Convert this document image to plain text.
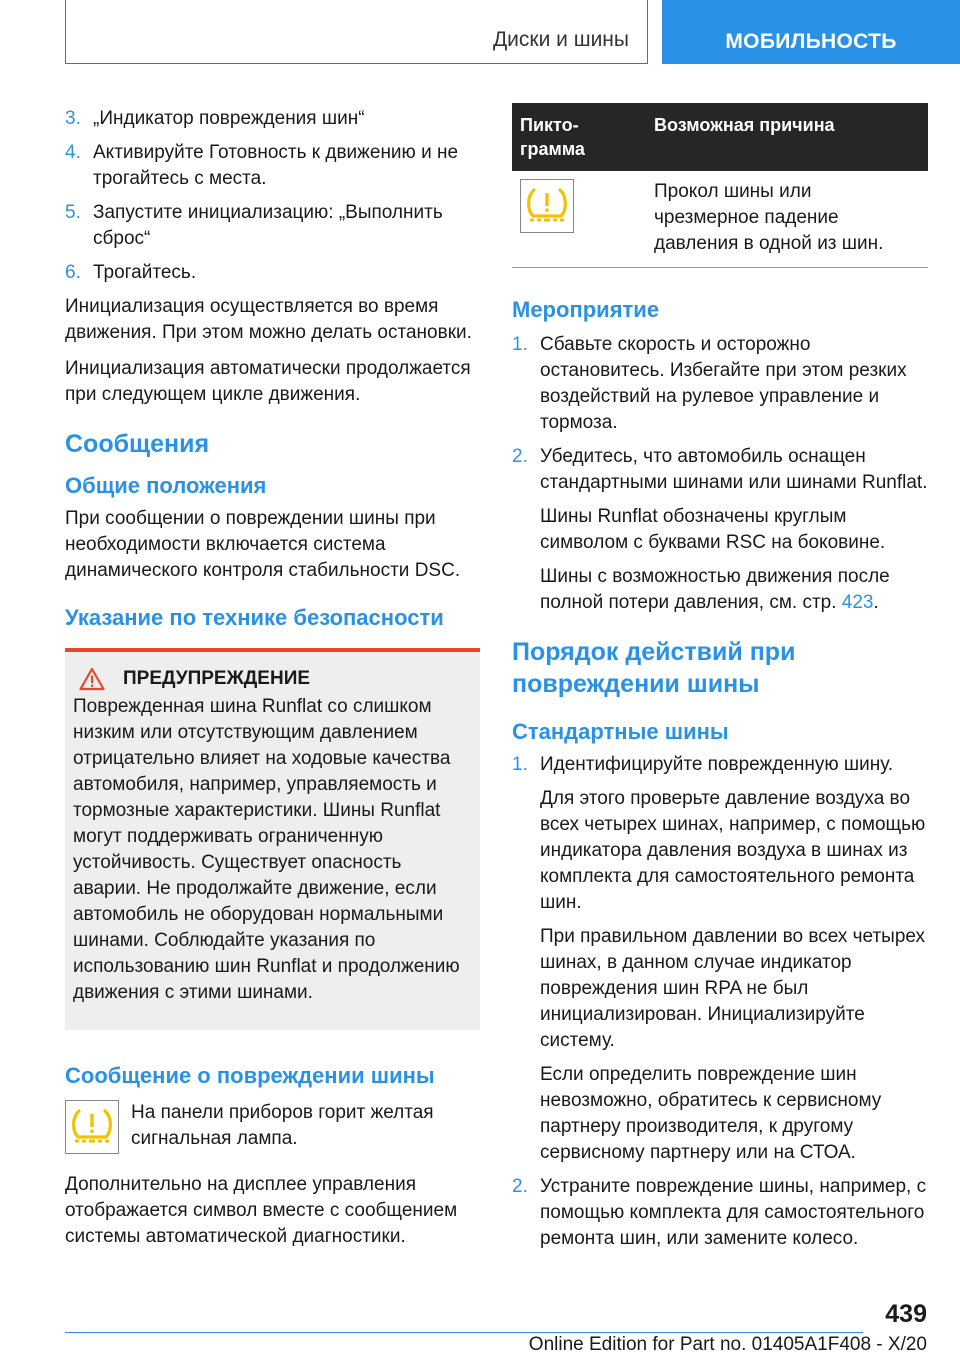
Диски и шины	МОБИЛЬНОСТЬ
3. „Индикатор повреждения шин“
4. Активируйте Готовность к движению и не трогайтесь с места.
5. Запустите инициализацию: „Выполнить сброс“
6. Трогайтесь.

Инициализация осуществляется во время движения. При этом можно делать остановки.

Инициализация автоматически продолжается при следующем цикле движения.

Сообщения
Общие положения

При сообщении о повреждении шины при необходимости включается система динамического контроля стабильности DSC.

Указание по технике безопасности
ПРЕДУПРЕЖДЕНИЕ

Поврежденная шина Runflat со слишком низким или отсутствующим давлением отрицательно влияет на ходовые качества автомобиля, например, управляемость и тормозные характеристики. Шины Runflat могут поддерживать ограниченную устойчивость. Существует опасность аварии. Не продолжайте движение, если автомобиль не оборудован нормальными шинами. Соблюдайте указания по использованию шин Runflat и продолжению движения с этими шинами.

Сообщение о повреждении шины

На панели приборов горит желтая сигнальная лампа.

Дополнительно на дисплее управления отображается символ вместе с сообщением системы автоматической диагностики.

Пикто-грамма	Возможная причина

	Прокол шины или чрезмерное падение давления в одной из шин.
Мероприятие
1. Сбавьте скорость и осторожно остановитесь. Избегайте при этом резких воздействий на рулевое управление и тормоза.
2. Убедитесь, что автомобиль оснащен стандартными шинами или шинами Runflat.

Шины Runflat обозначены круглым символом с буквами RSC на боковине.

Шины с возможностью движения после полной потери давления, см. стр. 423.

Порядок действий при повреждении шины
Стандартные шины
1. Идентифицируйте поврежденную шину.

Для этого проверьте давление воздуха во всех четырех шинах, например, с помощью индикатора давления воздуха в шинах из комплекта для самостоятельного ремонта шин.

При правильном давлении во всех четырех шинах, в данном случае индикатор повреждения шин RPA не был инициализирован. Инициализируйте систему.

Если определить повреждение шин невозможно, обратитесь к сервисному партнеру производителя, к другому сервисному партнеру или на СТОА.

2. Устраните повреждение шины, например, с помощью комплекта для самостоятельного ремонта шин, или замените колесо.
439
Online Edition for Part no. 01405A1F408 - X/20
